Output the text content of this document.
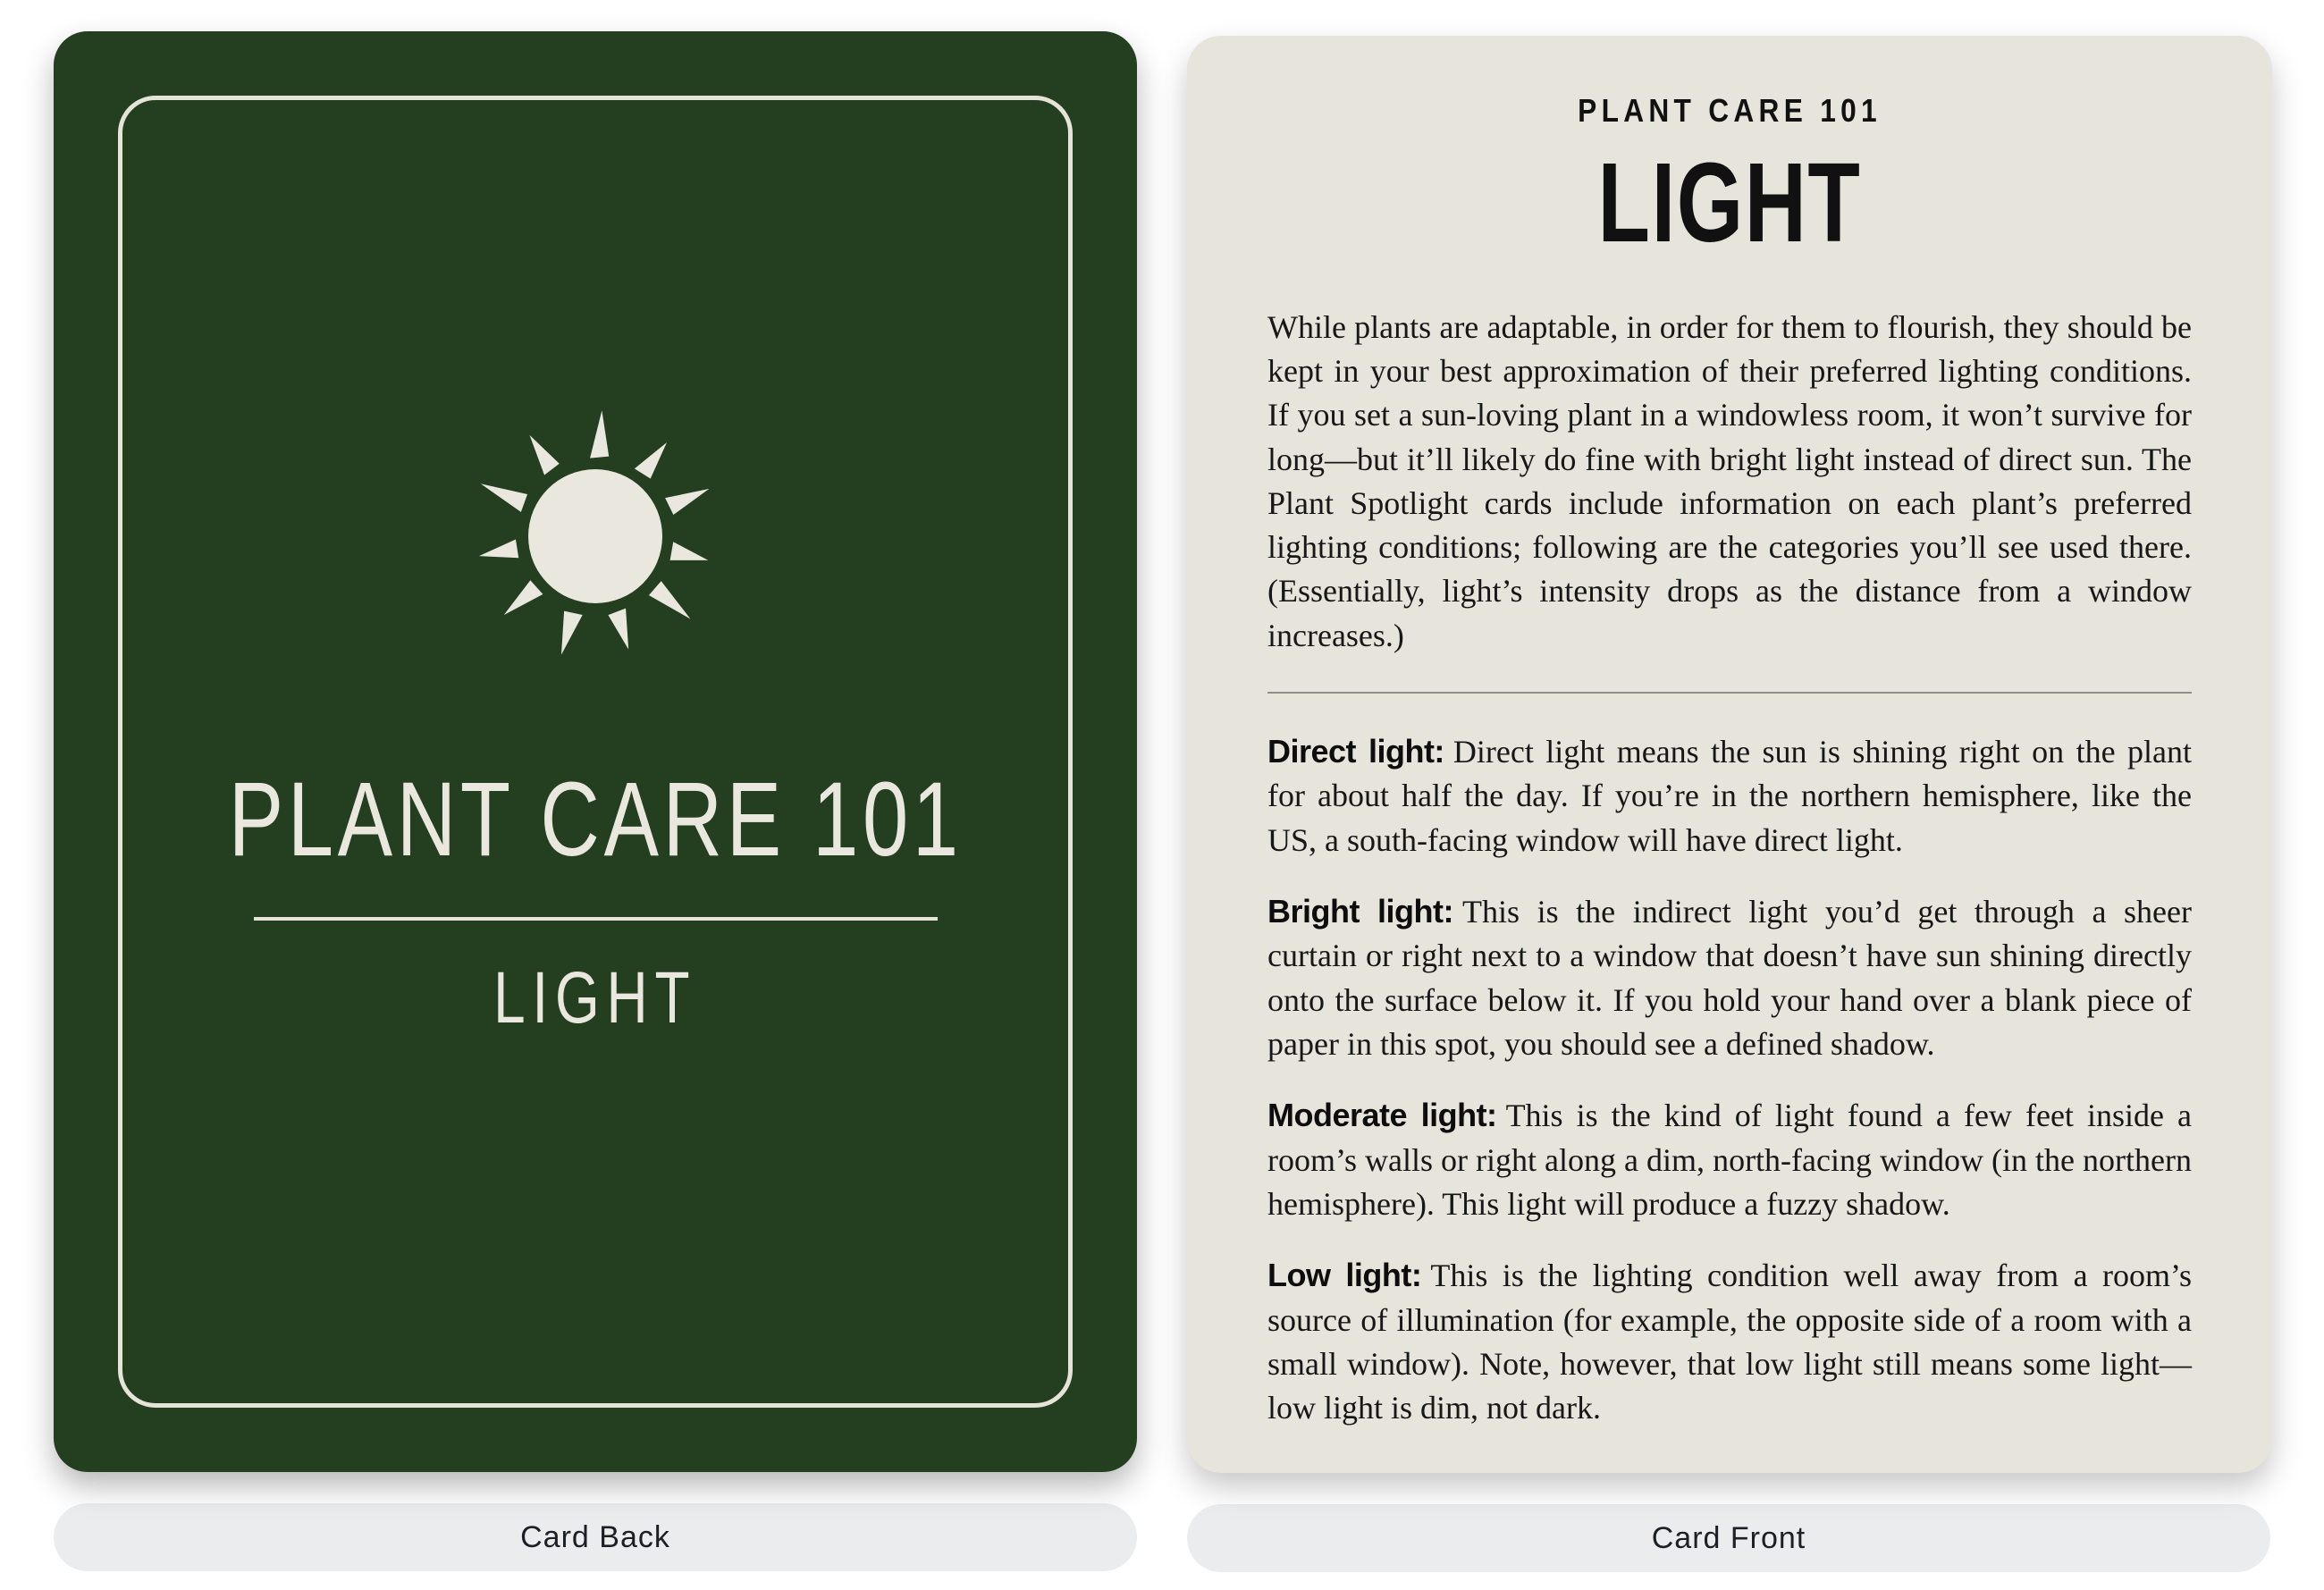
PLANT CARE 101
LIGHT
Card Back
PLANT CARE 101
LIGHT

While plants are adaptable, in order for them to flourish, they should be kept in your best approximation of their preferred lighting conditions. If you set a sun-loving plant in a windowless room, it won’t survive for long—but it’ll likely do fine with bright light instead of direct sun. The Plant Spotlight cards include information on each plant’s preferred lighting conditions; following are the categories you’ll see used there. (Essentially, light’s intensity drops as the distance from a window increases.)

Direct light: Direct light means the sun is shining right on the plant for about half the day. If you’re in the northern hemisphere, like the US, a south-facing window will have direct light.

Bright light: This is the indirect light you’d get through a sheer curtain or right next to a window that doesn’t have sun shining directly onto the surface below it. If you hold your hand over a blank piece of paper in this spot, you should see a defined shadow.

Moderate light: This is the kind of light found a few feet inside a room’s walls or right along a dim, north-facing window (in the northern hemisphere). This light will produce a fuzzy shadow.

Low light: This is the lighting condition well away from a room’s source of illumination (for example, the opposite side of a room with a small window). Note, however, that low light still means some light—low light is dim, not dark.

Card Front
